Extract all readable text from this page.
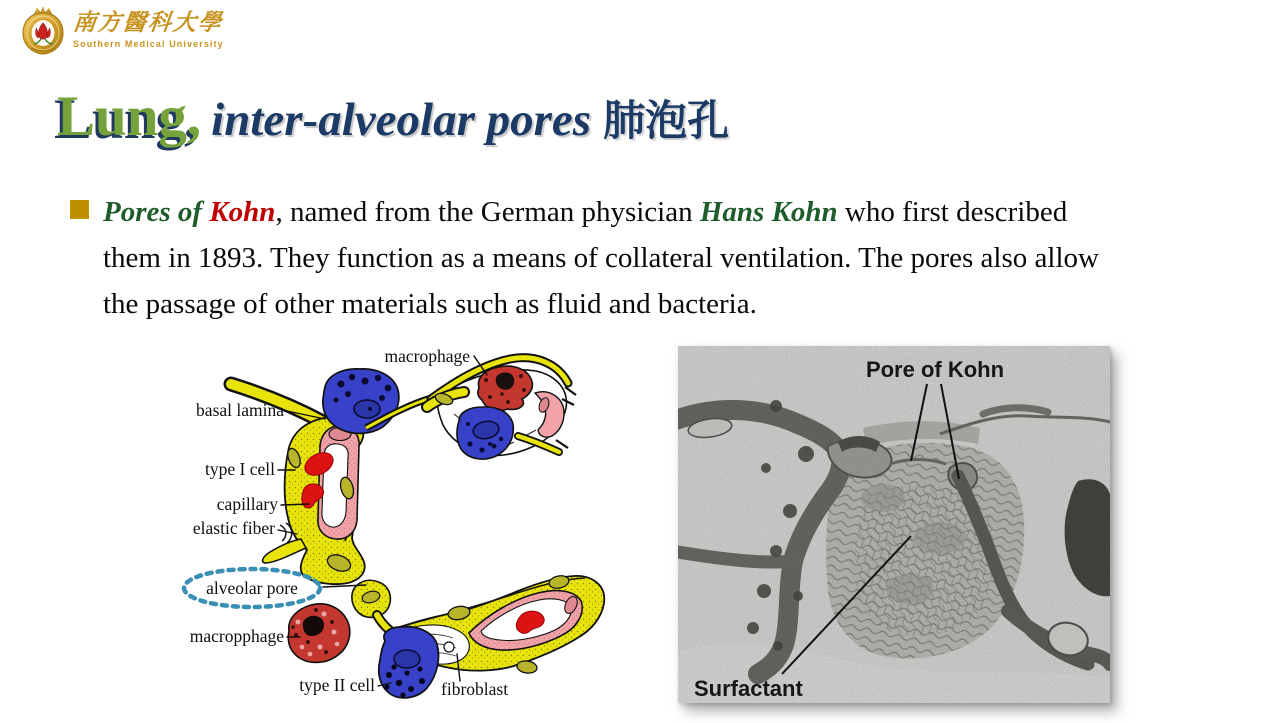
南方醫科大學
Southern Medical University
Lung, inter-alveolar pores 肺泡孔
Pores of Kohn, named from the German physician Hans Kohn who first described
them in 1893. They function as a means of collateral ventilation. The pores also allow
the passage of other materials such as fluid and bacteria.
macrophage
basal lamina
type I cell
capillary
elastic fiber
alveolar pore
macropphage
type II cell	fibroblast
Pore of Kohn
Surfactant
